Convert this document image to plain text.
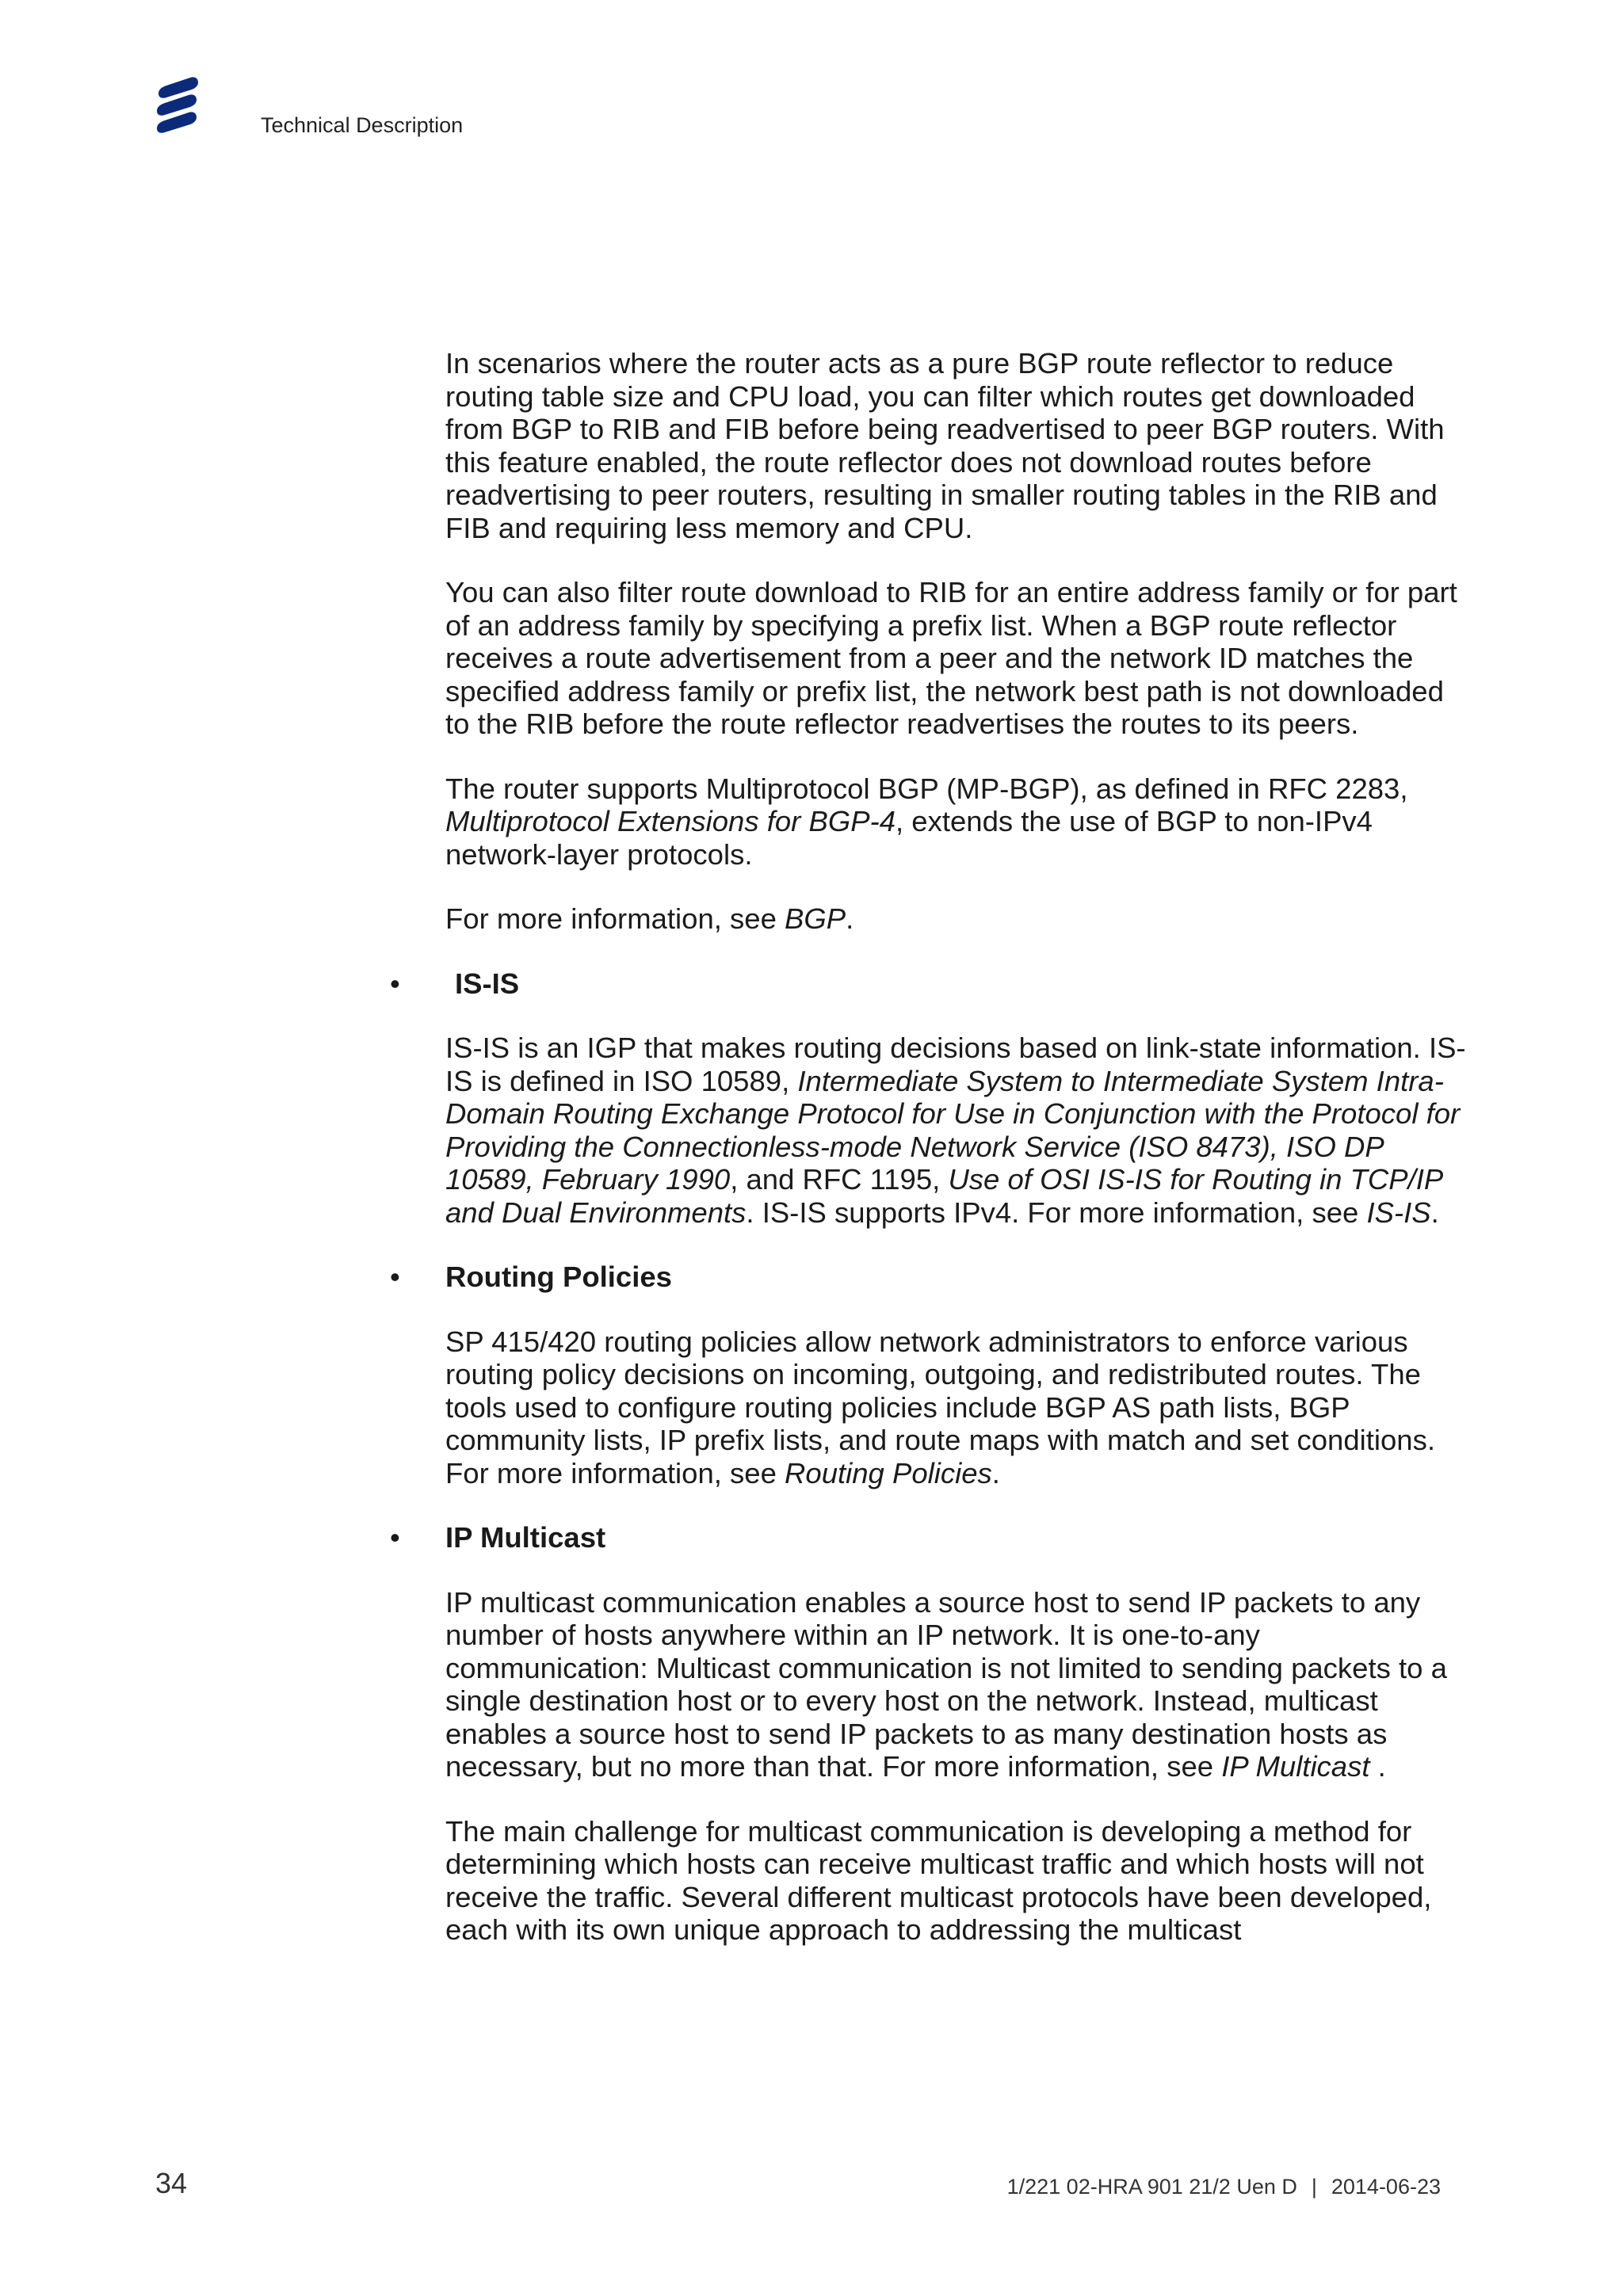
Technical Description

In scenarios where the router acts as a pure BGP route reflector to reduce routing table size and CPU load, you can filter which routes get downloaded from BGP to RIB and FIB before being readvertised to peer BGP routers. With this feature enabled, the route reflector does not download routes before readvertising to peer routers, resulting in smaller routing tables in the RIB and FIB and requiring less memory and CPU.

You can also filter route download to RIB for an entire address family or for part of an address family by specifying a prefix list. When a BGP route reflector receives a route advertisement from a peer and the network ID matches the specified address family or prefix list, the network best path is not downloaded to the RIB before the route reflector readvertises the routes to its peers.

The router supports Multiprotocol BGP (MP-BGP), as defined in RFC 2283, Multiprotocol Extensions for BGP-4, extends the use of BGP to non-IPv4 network-layer protocols.

For more information, see BGP.

• IS-IS

IS-IS is an IGP that makes routing decisions based on link-state information. IS-IS is defined in ISO 10589, Intermediate System to Intermediate System Intra-Domain Routing Exchange Protocol for Use in Conjunction with the Protocol for Providing the Connectionless-mode Network Service (ISO 8473), ISO DP 10589, February 1990, and RFC 1195, Use of OSI IS-IS for Routing in TCP/IP and Dual Environments. IS-IS supports IPv4. For more information, see IS-IS.

• Routing Policies

SP 415/420 routing policies allow network administrators to enforce various routing policy decisions on incoming, outgoing, and redistributed routes. The tools used to configure routing policies include BGP AS path lists, BGP community lists, IP prefix lists, and route maps with match and set conditions. For more information, see Routing Policies.

• IP Multicast

IP multicast communication enables a source host to send IP packets to any number of hosts anywhere within an IP network. It is one-to-any communication: Multicast communication is not limited to sending packets to a single destination host or to every host on the network. Instead, multicast enables a source host to send IP packets to as many destination hosts as necessary, but no more than that. For more information, see IP Multicast .

The main challenge for multicast communication is developing a method for determining which hosts can receive multicast traffic and which hosts will not receive the traffic. Several different multicast protocols have been developed, each with its own unique approach to addressing the multicast

34	1/221 02-HRA 901 21/2 Uen D | 2014-06-23
